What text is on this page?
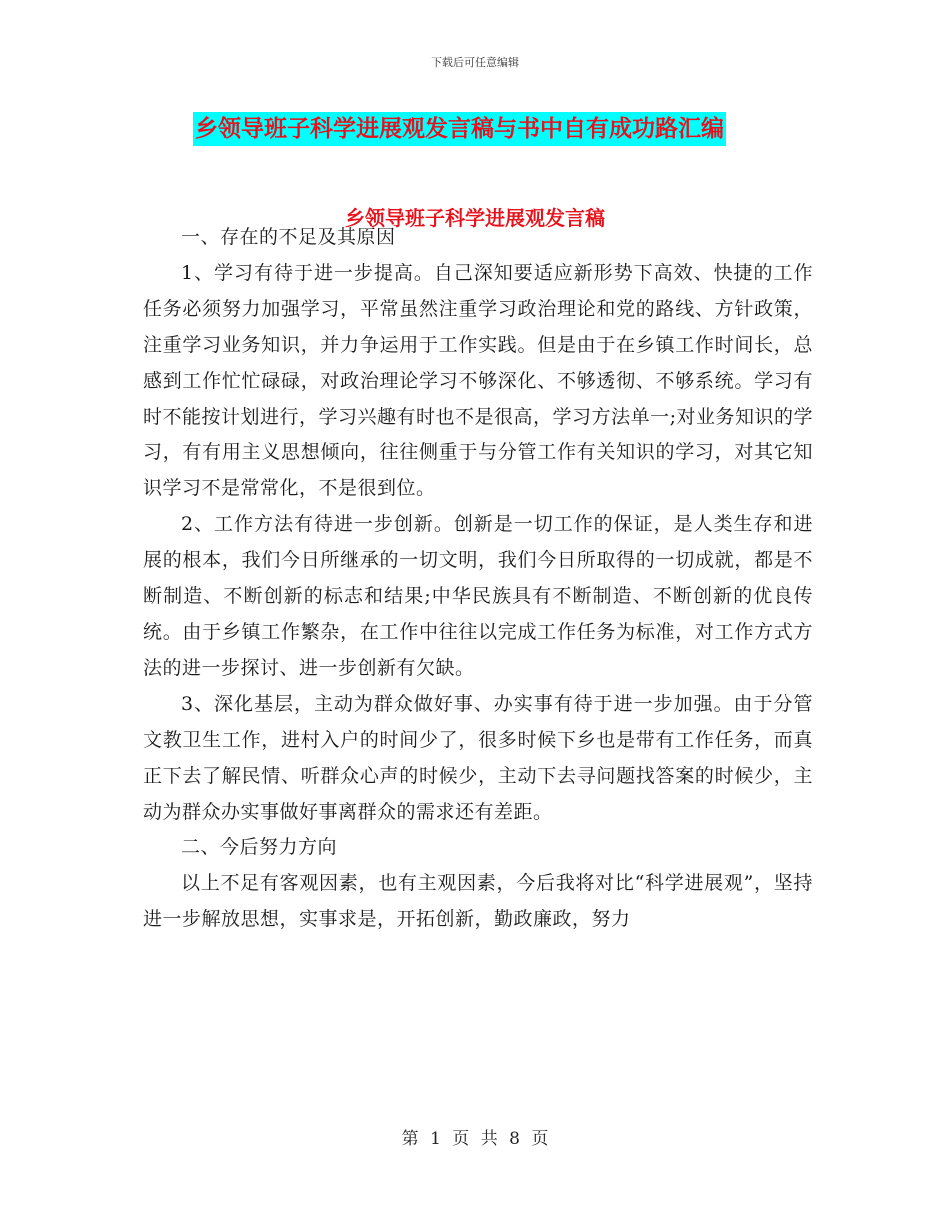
下载后可任意编辑
乡领导班子科学进展观发言稿与书中自有成功路汇编
乡领导班子科学进展观发言稿

一、存在的不足及其原因

1、学习有待于进一步提高。自己深知要适应新形势下高效、快捷的工作任务必须努力加强学习，平常虽然注重学习政治理论和党的路线、方针政策，注重学习业务知识，并力争运用于工作实践。但是由于在乡镇工作时间长，总感到工作忙忙碌碌，对政治理论学习不够深化、不够透彻、不够系统。学习有时不能按计划进行，学习兴趣有时也不是很高，学习方法单一;对业务知识的学习，有有用主义思想倾向，往往侧重于与分管工作有关知识的学习，对其它知识学习不是常常化，不是很到位。

2、工作方法有待进一步创新。创新是一切工作的保证，是人类生存和进展的根本，我们今日所继承的一切文明，我们今日所取得的一切成就，都是不断制造、不断创新的标志和结果;中华民族具有不断制造、不断创新的优良传统。由于乡镇工作繁杂，在工作中往往以完成工作任务为标准，对工作方式方法的进一步探讨、进一步创新有欠缺。

3、深化基层，主动为群众做好事、办实事有待于进一步加强。由于分管文教卫生工作，进村入户的时间少了，很多时候下乡也是带有工作任务，而真正下去了解民情、听群众心声的时候少，主动下去寻问题找答案的时候少，主动为群众办实事做好事离群众的需求还有差距。

二、今后努力方向

以上不足有客观因素，也有主观因素，今后我将对比“科学进展观”，坚持进一步解放思想，实事求是，开拓创新，勤政廉政，努力

第 1 页 共 8 页
